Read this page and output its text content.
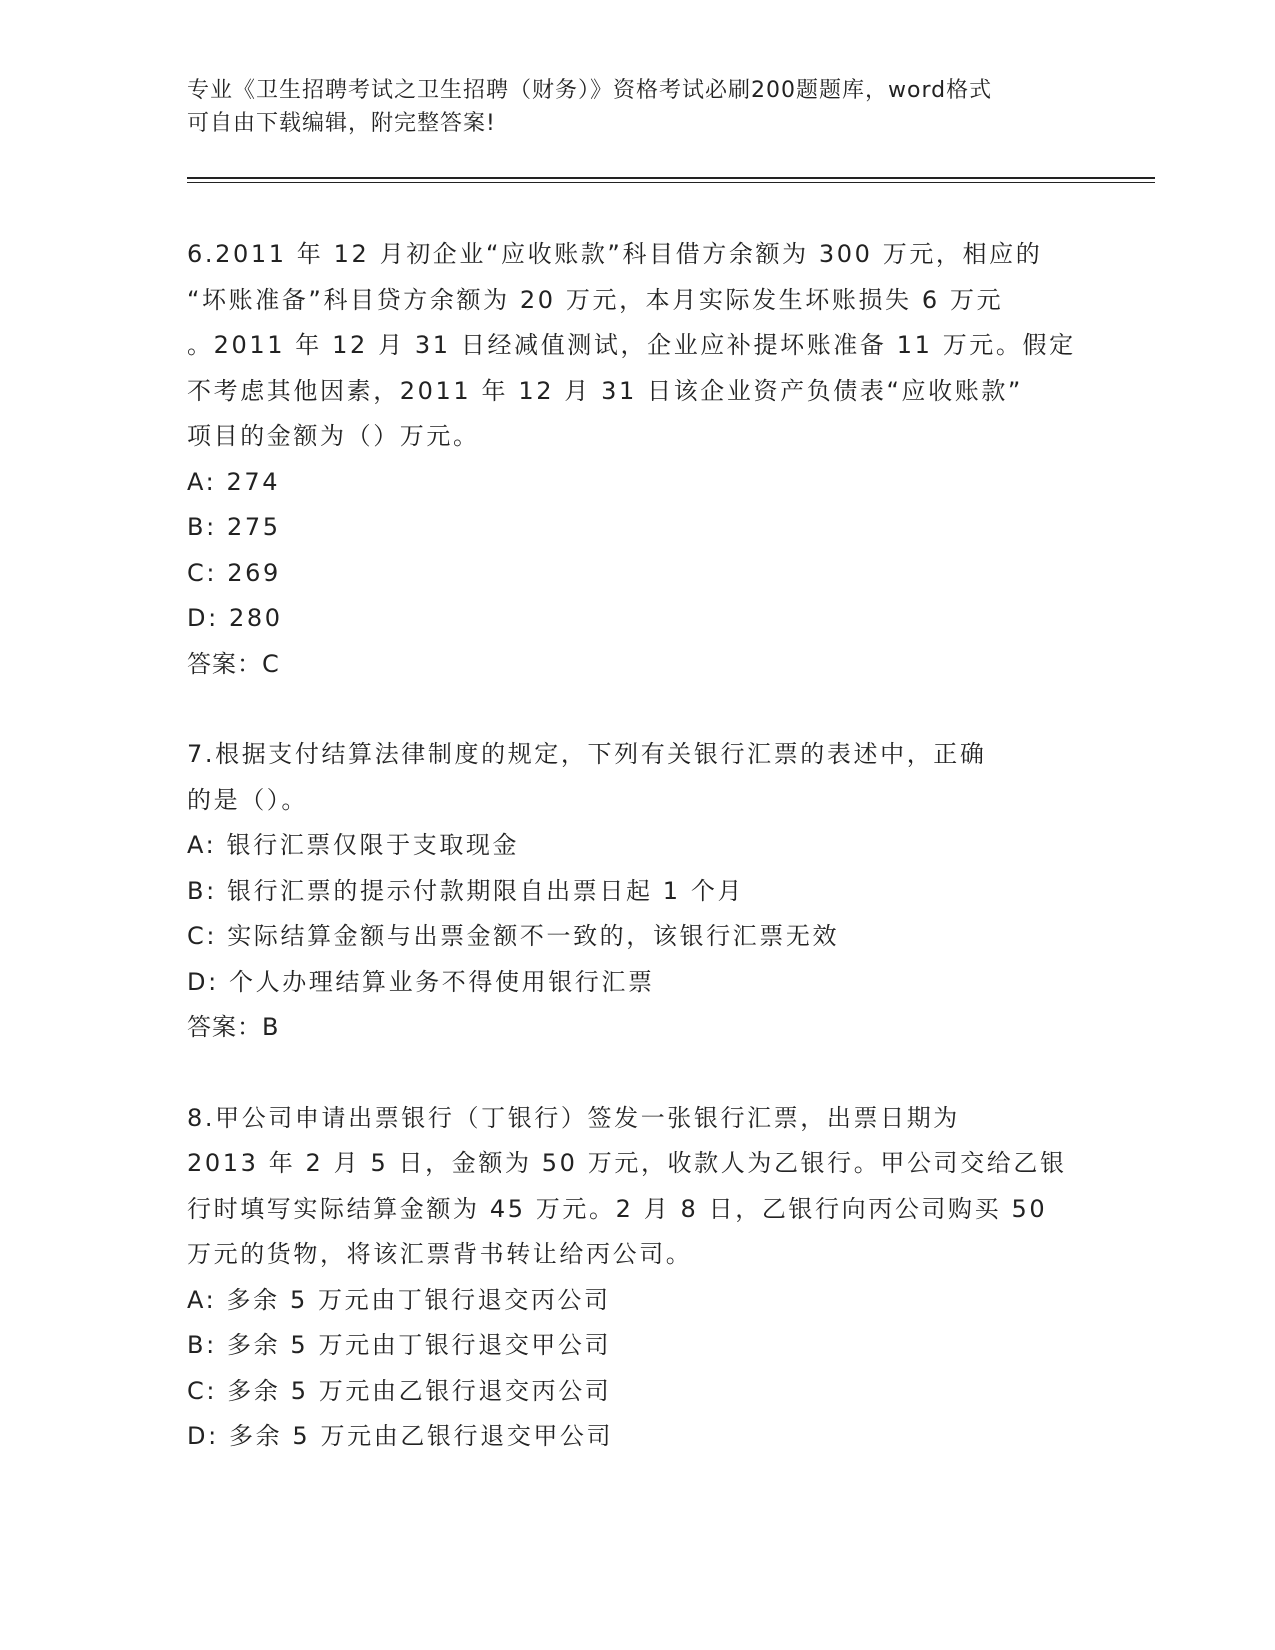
专业《卫生招聘考试之卫生招聘（财务）》资格考试必刷200题题库，word格式
可自由下载编辑，附完整答案!
6.2011 年 12 月初企业“应收账款”科目借方余额为 300 万元，相应的
“坏账准备”科目贷方余额为 20 万元，本月实际发生坏账损失 6 万元
。2011 年 12 月 31 日经减值测试，企业应补提坏账准备 11 万元。假定
不考虑其他因素，2011 年 12 月 31 日该企业资产负债表“应收账款”
项目的金额为（）万元。
A: 274
B: 275
C: 269
D: 280
答案：C
7.根据支付结算法律制度的规定，下列有关银行汇票的表述中，正确
的是（）。
A: 银行汇票仅限于支取现金
B: 银行汇票的提示付款期限自出票日起 1 个月
C: 实际结算金额与出票金额不一致的，该银行汇票无效
D: 个人办理结算业务不得使用银行汇票
答案：B
8.甲公司申请出票银行（丁银行）签发一张银行汇票，出票日期为
2013 年 2 月 5 日，金额为 50 万元，收款人为乙银行。甲公司交给乙银
行时填写实际结算金额为 45 万元。2 月 8 日，乙银行向丙公司购买 50
万元的货物，将该汇票背书转让给丙公司。
A: 多余 5 万元由丁银行退交丙公司
B: 多余 5 万元由丁银行退交甲公司
C: 多余 5 万元由乙银行退交丙公司
D: 多余 5 万元由乙银行退交甲公司
